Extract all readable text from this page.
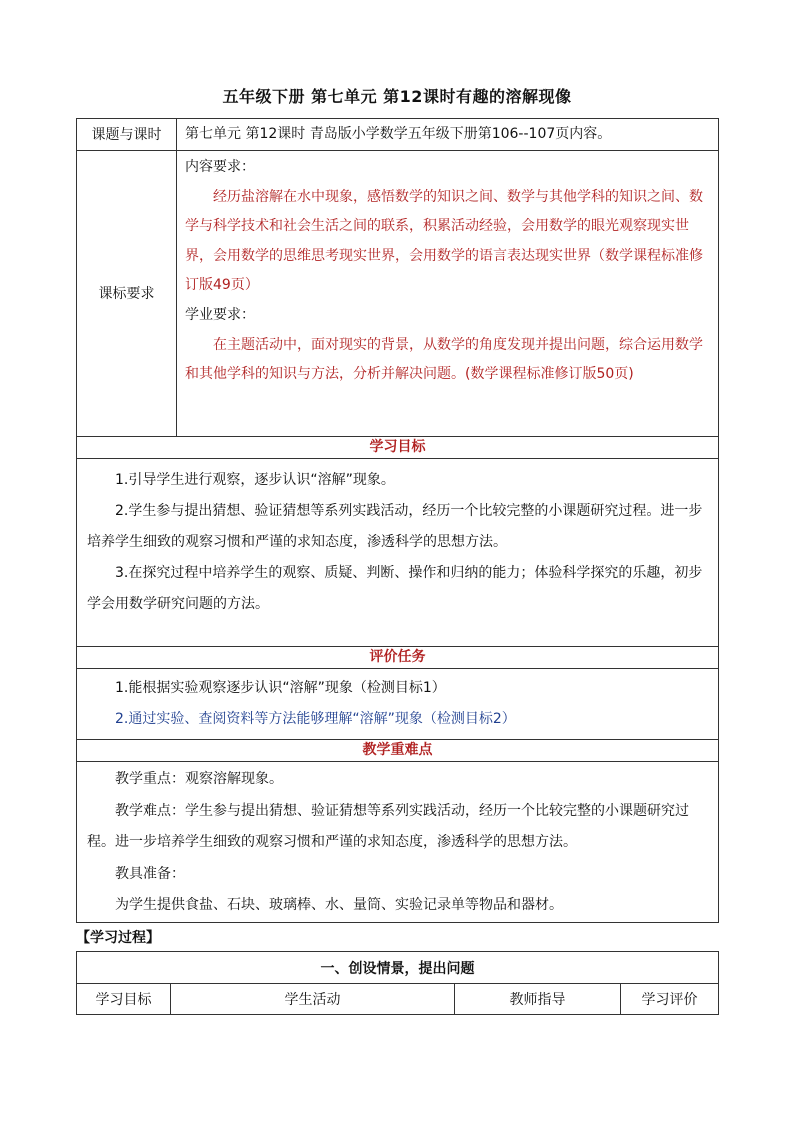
五年级下册 第七单元 第12课时有趣的溶解现像
课题与课时	第七单元 第12课时 青岛版小学数学五年级下册第106--107页内容。

课标要求	内容要求：

经历盐溶解在水中现象，感悟数学的知识之间、数学与其他学科的知识之间、数学与科学技术和社会生活之间的联系，积累活动经验，会用数学的眼光观察现实世界，会用数学的思维思考现实世界，会用数学的语言表达现实世界（数学课程标准修订版49页）

学业要求：

在主题活动中，面对现实的背景，从数学的角度发现并提出问题，综合运用数学和其他学科的知识与方法，分析并解决问题。(数学课程标准修订版50页)

学习目标	

1.引导学生进行观察，逐步认识“溶解”现象。

2.学生参与提出猜想、验证猜想等系列实践活动，经历一个比较完整的小课题研究过程。进一步培养学生细致的观察习惯和严谨的求知态度，渗透科学的思想方法。

3.在探究过程中培养学生的观察、质疑、判断、操作和归纳的能力；体验科学探究的乐趣，初步学会用数学研究问题的方法。	

评价任务	

1.能根据实验观察逐步认识“溶解”现象（检测目标1）

2.通过实验、查阅资料等方法能够理解“溶解”现象（检测目标2）	

教学重难点	

教学重点：观察溶解现象。

教学难点：学生参与提出猜想、验证猜想等系列实践活动，经历一个比较完整的小课题研究过程。进一步培养学生细致的观察习惯和严谨的求知态度，渗透科学的思想方法。

教具准备：

为学生提供食盐、石块、玻璃棒、水、量筒、实验记录单等物品和器材。	

【学习过程】
一、创设情景，提出问题
学习目标	学生活动	教师指导	学习评价
